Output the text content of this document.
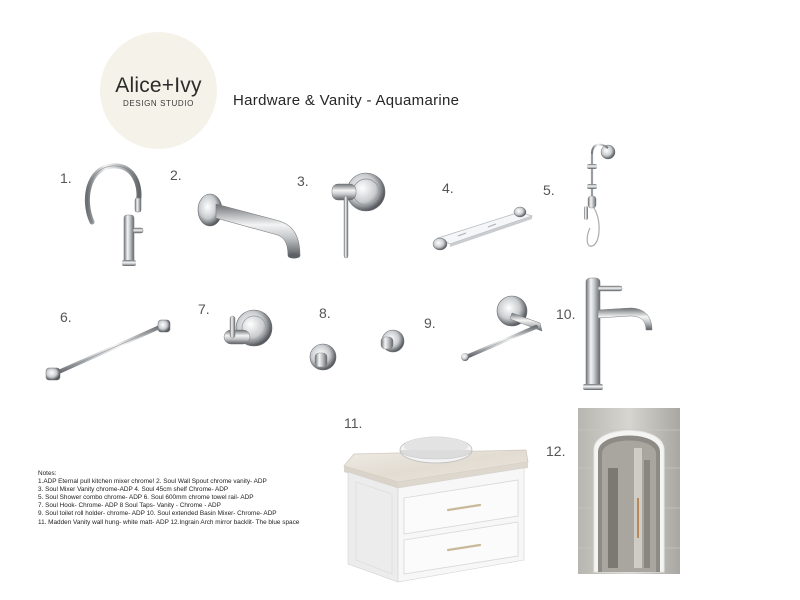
Alice+Ivy
DESIGN STUDIO	Hardware & Vanity - Aquamarine
1.	2.	3.	4.	5.
6.	7.	8.
9.
10.
11.
12.
Notes:
1.ADP Eternal pull kitchen mixer chrome! 2. Soul Wall Spout chrome vanity- ADP
3. Soul Mixer Vanity chrome-ADP 4. Soul 45cm shelf Chrome- ADP
5. Soul Shower combo chrome- ADP 6. Soul 600mm chrome towel rail- ADP
7. Soul Hook- Chrome- ADP 8 Soul Taps- Vanity - Chrome - ADP
9. Soul toilet roll holder- chrome- ADP 10. Soul extended Basin Mixer- Chrome- ADP
11. Madden Vanity wall hung- white matt- ADP 12.Ingrain Arch mirror backlit- The blue space
